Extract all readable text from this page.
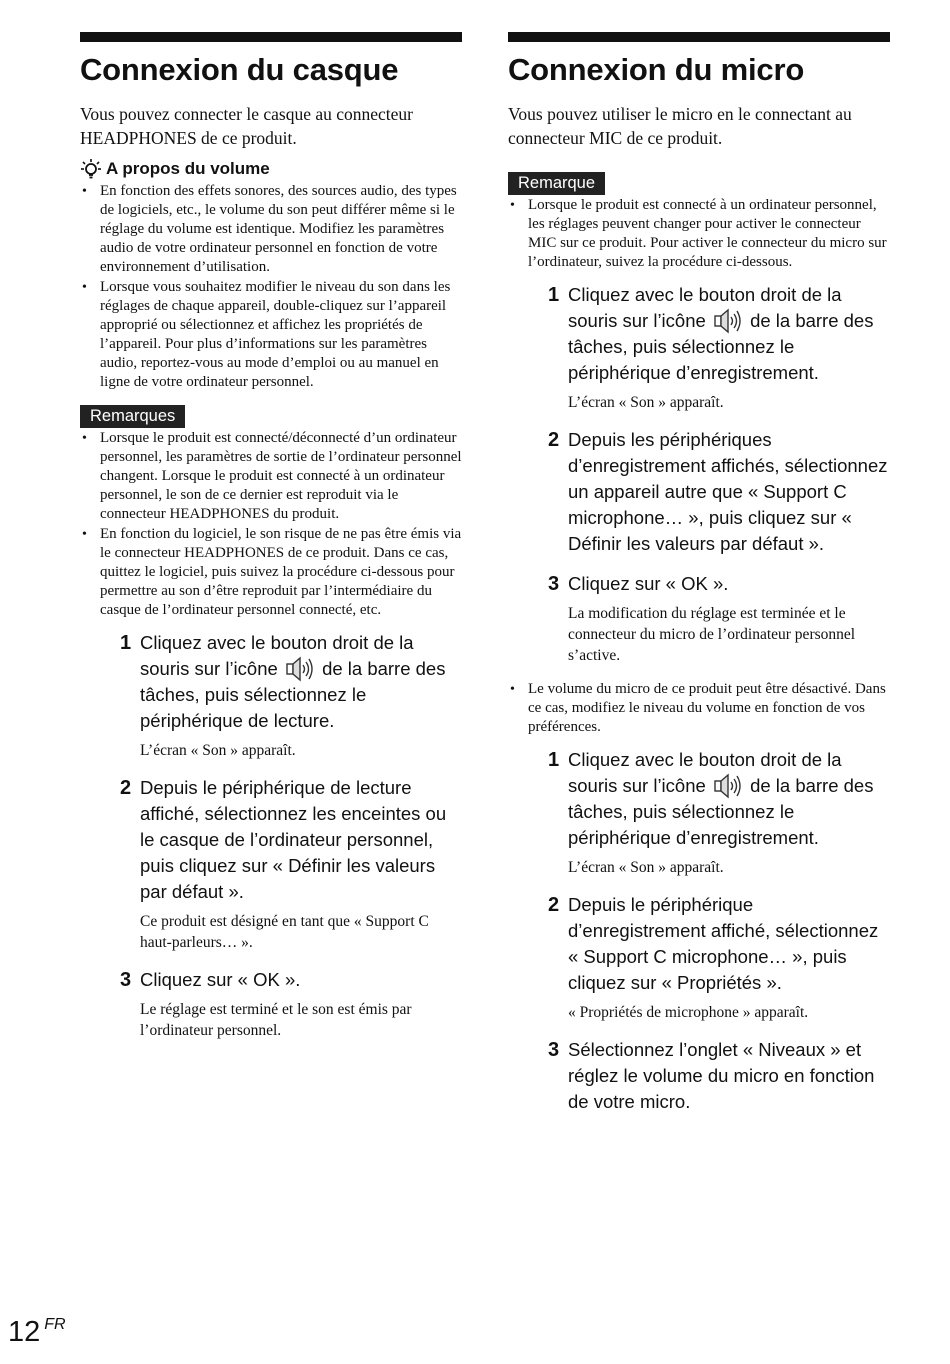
Connexion du casque

Vous pouvez connecter le casque au connecteur HEADPHONES de ce produit.

A propos du volume
• En fonction des effets sonores, des sources audio, des types de logiciels, etc., le volume du son peut différer même si le réglage du volume est identique. Modifiez les paramètres audio de votre ordinateur personnel en fonction de votre environnement d’utilisation.
• Lorsque vous souhaitez modifier le niveau du son dans les réglages de chaque appareil, double-cliquez sur l’appareil approprié ou sélectionnez et affichez les propriétés de l’appareil. Pour plus d’informations sur les paramètres audio, reportez-vous au mode d’emploi ou au manuel en ligne de votre ordinateur personnel.
Remarques
• Lorsque le produit est connecté/déconnecté d’un ordinateur personnel, les paramètres de sortie de l’ordinateur personnel changent. Lorsque le produit est connecté à un ordinateur personnel, le son de ce dernier est reproduit via le connecteur HEADPHONES du produit.
• En fonction du logiciel, le son risque de ne pas être émis via le connecteur HEADPHONES de ce produit. Dans ce cas, quittez le logiciel, puis suivez la procédure ci-dessous pour permettre au son d’être reproduit par l’intermédiaire du casque de l’ordinateur personnel connecté, etc.
1 Cliquez avec le bouton droit de la souris sur l’icône de la barre des tâches, puis sélectionnez le périphérique de lecture.
L’écran « Son » apparaît.
2 Depuis le périphérique de lecture affiché, sélectionnez les enceintes ou le casque de l’ordinateur personnel, puis cliquez sur « Définir les valeurs par défaut ».
Ce produit est désigné en tant que « Support C haut-parleurs… ».
3 Cliquez sur « OK ».
Le réglage est terminé et le son est émis par l’ordinateur personnel.
Connexion du micro

Vous pouvez utiliser le micro en le connectant au connecteur MIC de ce produit.

Remarque
• Lorsque le produit est connecté à un ordinateur personnel, les réglages peuvent changer pour activer le connecteur MIC sur ce produit. Pour activer le connecteur du micro sur l’ordinateur, suivez la procédure ci-dessous.
1 Cliquez avec le bouton droit de la souris sur l’icône de la barre des tâches, puis sélectionnez le périphérique d’enregistrement.
L’écran « Son » apparaît.
2 Depuis les périphériques d’enregistrement affichés, sélectionnez un appareil autre que « Support C microphone… », puis cliquez sur « Définir les valeurs par défaut ».
3 Cliquez sur « OK ».
La modification du réglage est terminée et le connecteur du micro de l’ordinateur personnel s’active.
• Le volume du micro de ce produit peut être désactivé. Dans ce cas, modifiez le niveau du volume en fonction de vos préférences.
1 Cliquez avec le bouton droit de la souris sur l’icône de la barre des tâches, puis sélectionnez le périphérique d’enregistrement.
L’écran « Son » apparaît.
2 Depuis le périphérique d’enregistrement affiché, sélectionnez « Support C microphone… », puis cliquez sur « Propriétés ».
« Propriétés de microphone » apparaît.
3 Sélectionnez l’onglet « Niveaux » et réglez le volume du micro en fonction de votre micro.
12 $^{FR}$
